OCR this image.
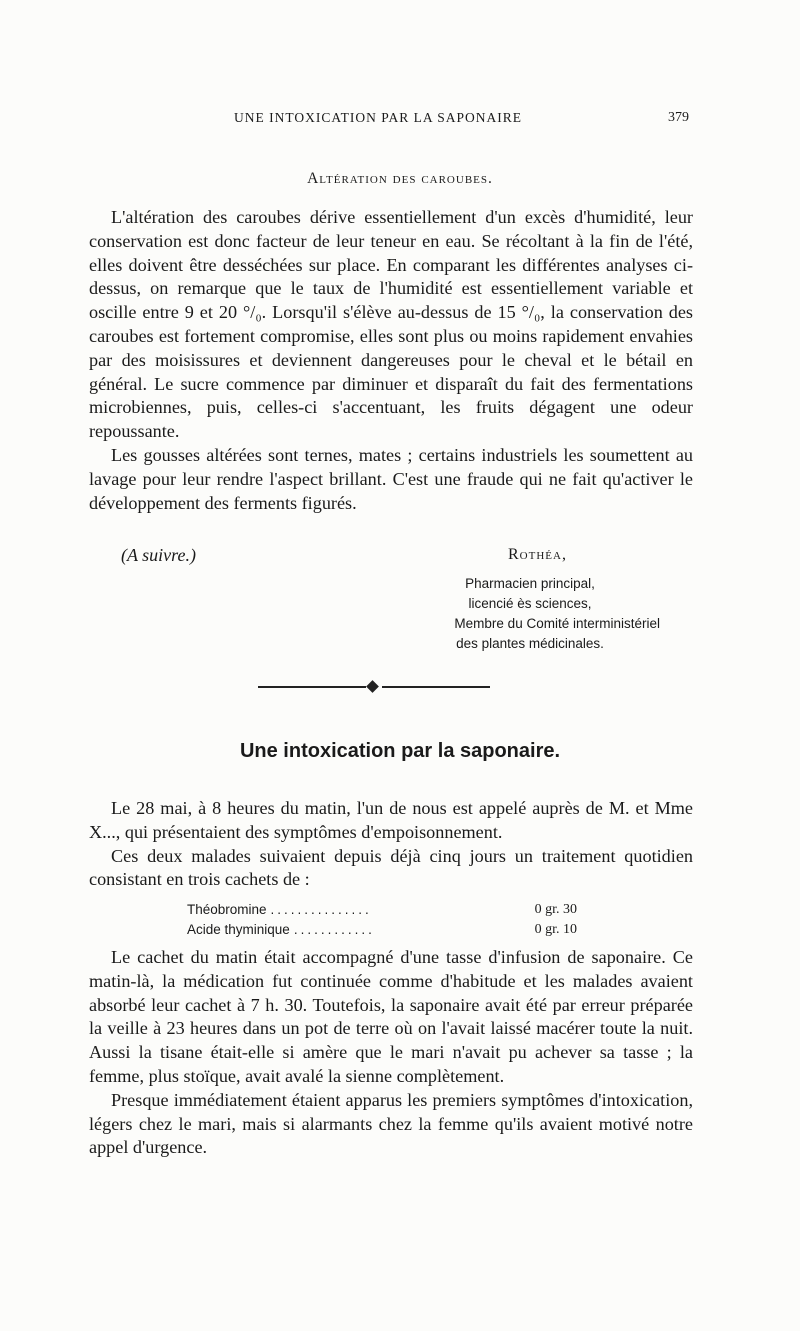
UNE INTOXICATION PAR LA SAPONAIRE	379
Altération des caroubes.

L'altération des caroubes dérive essentiellement d'un excès d'humidité, leur conservation est donc facteur de leur teneur en eau. Se récoltant à la fin de l'été, elles doivent être desséchées sur place. En comparant les différentes analyses ci-dessus, on remarque que le taux de l'humidité est essentiellement variable et oscille entre 9 et 20 °/₀. Lorsqu'il s'élève au-dessus de 15 °/₀, la conservation des caroubes est fortement compromise, elles sont plus ou moins rapidement envahies par des moisissures et deviennent dangereuses pour le cheval et le bétail en général. Le sucre commence par diminuer et disparaît du fait des fermentations microbiennes, puis, celles-ci s'accentuant, les fruits dégagent une odeur repoussante.

Les gousses altérées sont ternes, mates ; certains industriels les soumettent au lavage pour leur rendre l'aspect brillant. C'est une fraude qui ne fait qu'activer le développement des ferments figurés.

(A suivre.)	Rothéa,
Pharmacien principal,
licencié ès sciences,
Membre du Comité interministériel
des plantes médicinales.
Une intoxication par la saponaire.

Le 28 mai, à 8 heures du matin, l'un de nous est appelé auprès de M. et Mme X..., qui présentaient des symptômes d'empoisonnement.

Ces deux malades suivaient depuis déjà cinq jours un traitement quotidien consistant en trois cachets de :

Théobromine ...............	0 gr. 30
Acide thyminique ............	0 gr. 10

Le cachet du matin était accompagné d'une tasse d'infusion de saponaire. Ce matin-là, la médication fut continuée comme d'habitude et les malades avaient absorbé leur cachet à 7 h. 30. Toutefois, la saponaire avait été par erreur préparée la veille à 23 heures dans un pot de terre où on l'avait laissé macérer toute la nuit. Aussi la tisane était-elle si amère que le mari n'avait pu achever sa tasse ; la femme, plus stoïque, avait avalé la sienne complètement.

Presque immédiatement étaient apparus les premiers symptômes d'intoxication, légers chez le mari, mais si alarmants chez la femme qu'ils avaient motivé notre appel d'urgence.
